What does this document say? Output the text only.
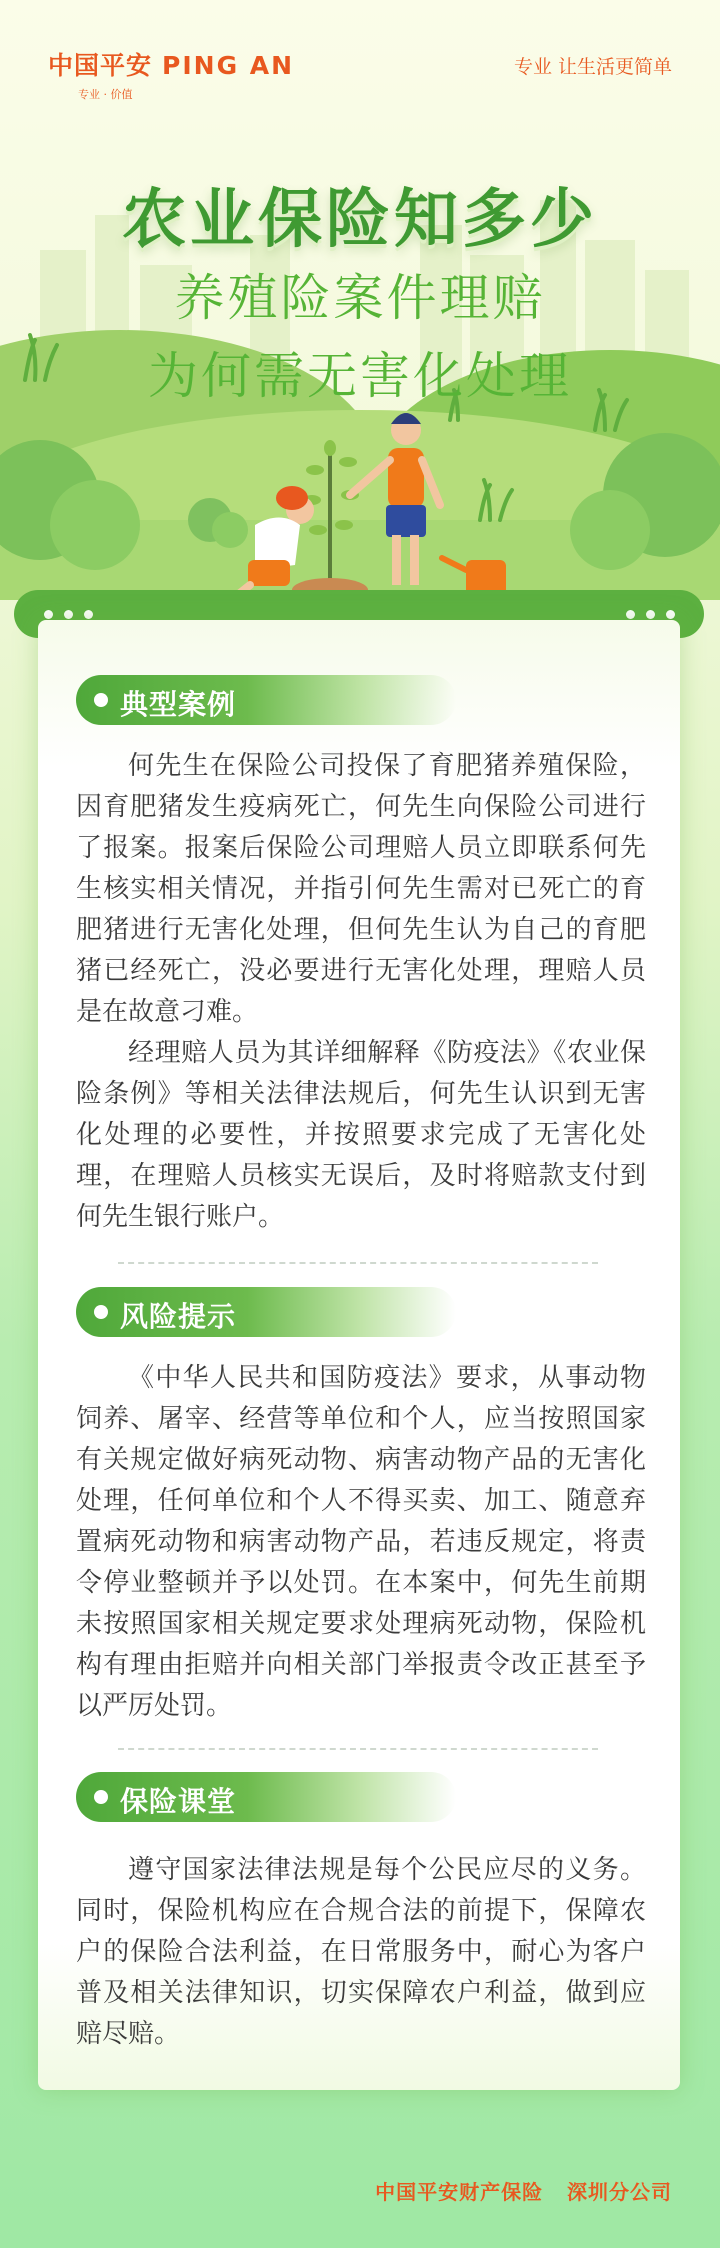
中国平安 PING AN
专业 · 价值
专业 让生活更简单
农业保险知多少
养殖险案件理赔
为何需无害化处理
典型案例

何先生在保险公司投保了育肥猪养殖保险，因育肥猪发生疫病死亡，何先生向保险公司进行了报案。报案后保险公司理赔人员立即联系何先生核实相关情况，并指引何先生需对已死亡的育肥猪进行无害化处理，但何先生认为自己的育肥猪已经死亡，没必要进行无害化处理，理赔人员是在故意刁难。

经理赔人员为其详细解释《防疫法》《农业保险条例》等相关法律法规后，何先生认识到无害化处理的必要性，并按照要求完成了无害化处理，在理赔人员核实无误后，及时将赔款支付到何先生银行账户。

风险提示

《中华人民共和国防疫法》要求，从事动物饲养、屠宰、经营等单位和个人，应当按照国家有关规定做好病死动物、病害动物产品的无害化处理，任何单位和个人不得买卖、加工、随意弃置病死动物和病害动物产品，若违反规定，将责令停业整顿并予以处罚。在本案中，何先生前期未按照国家相关规定要求处理病死动物，保险机构有理由拒赔并向相关部门举报责令改正甚至予以严厉处罚。

保险课堂

遵守国家法律法规是每个公民应尽的义务。同时，保险机构应在合规合法的前提下，保障农户的保险合法利益，在日常服务中，耐心为客户普及相关法律知识，切实保障农户利益，做到应赔尽赔。

中国平安财产保险 深圳分公司
